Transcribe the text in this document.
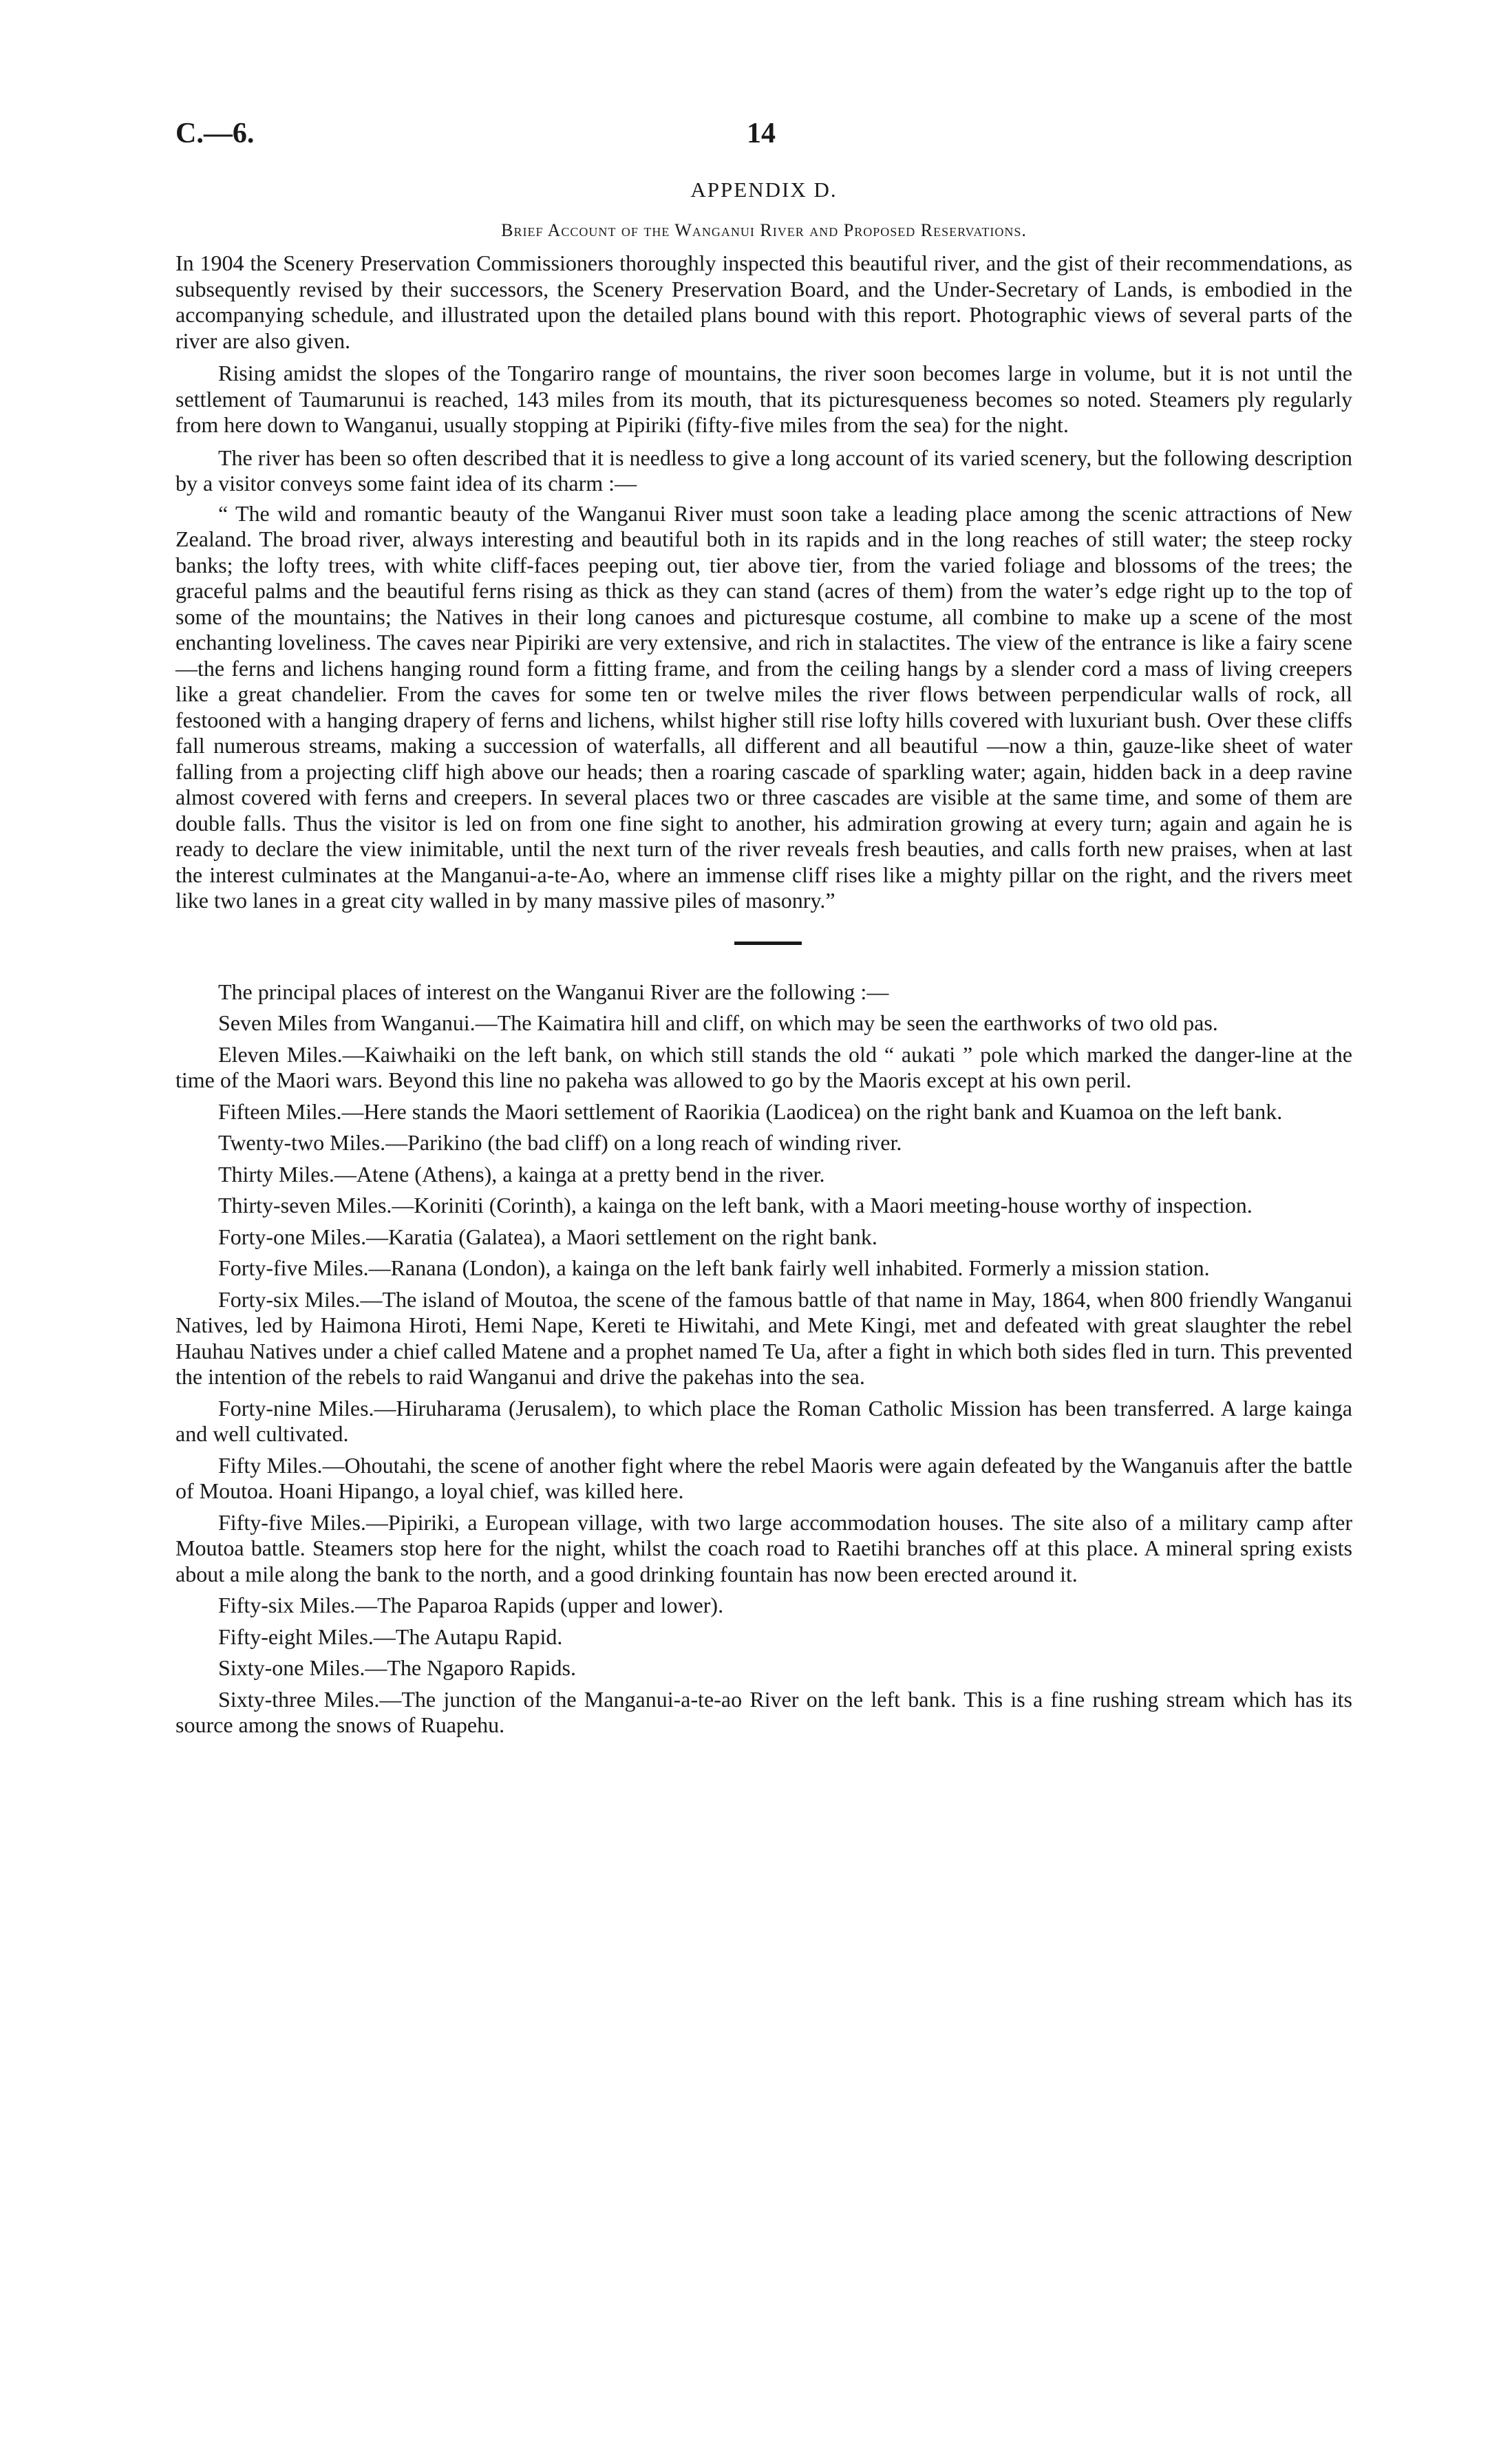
C.—6.	14
APPENDIX D.
Brief Account of the Wanganui River and Proposed Reservations.

In 1904 the Scenery Preservation Commissioners thoroughly inspected this beautiful river, and the gist of their recommendations, as subsequently revised by their successors, the Scenery Preservation Board, and the Under-Secretary of Lands, is embodied in the accompanying schedule, and illustrated upon the detailed plans bound with this report. Photographic views of several parts of the river are also given.

Rising amidst the slopes of the Tongariro range of mountains, the river soon becomes large in volume, but it is not until the settlement of Taumarunui is reached, 143 miles from its mouth, that its picturesqueness becomes so noted. Steamers ply regularly from here down to Wanganui, usually stopping at Pipiriki (fifty-five miles from the sea) for the night.

The river has been so often described that it is needless to give a long account of its varied scenery, but the following description by a visitor conveys some faint idea of its charm :—

“ The wild and romantic beauty of the Wanganui River must soon take a leading place among the scenic attractions of New Zealand. The broad river, always interesting and beautiful both in its rapids and in the long reaches of still water; the steep rocky banks; the lofty trees, with white cliff-faces peeping out, tier above tier, from the varied foliage and blossoms of the trees; the graceful palms and the beautiful ferns rising as thick as they can stand (acres of them) from the water’s edge right up to the top of some of the mountains; the Natives in their long canoes and picturesque costume, all combine to make up a scene of the most enchanting loveliness. The caves near Pipiriki are very extensive, and rich in stalactites. The view of the entrance is like a fairy scene—the ferns and lichens hanging round form a fitting frame, and from the ceiling hangs by a slender cord a mass of living creepers like a great chandelier. From the caves for some ten or twelve miles the river flows between perpendicular walls of rock, all festooned with a hanging drapery of ferns and lichens, whilst higher still rise lofty hills covered with luxuriant bush. Over these cliffs fall numerous streams, making a succession of waterfalls, all different and all beautiful —now a thin, gauze-like sheet of water falling from a projecting cliff high above our heads; then a roaring cascade of sparkling water; again, hidden back in a deep ravine almost covered with ferns and creepers. In several places two or three cascades are visible at the same time, and some of them are double falls. Thus the visitor is led on from one fine sight to another, his admiration growing at every turn; again and again he is ready to declare the view inimitable, until the next turn of the river reveals fresh beauties, and calls forth new praises, when at last the interest culminates at the Manganui-a-te-Ao, where an immense cliff rises like a mighty pillar on the right, and the rivers meet like two lanes in a great city walled in by many massive piles of masonry.”

The principal places of interest on the Wanganui River are the following :—

Seven Miles from Wanganui.—The Kaimatira hill and cliff, on which may be seen the earthworks of two old pas.

Eleven Miles.—Kaiwhaiki on the left bank, on which still stands the old “ aukati ” pole which marked the danger-line at the time of the Maori wars. Beyond this line no pakeha was allowed to go by the Maoris except at his own peril.

Fifteen Miles.—Here stands the Maori settlement of Raorikia (Laodicea) on the right bank and Kuamoa on the left bank.

Twenty-two Miles.—Parikino (the bad cliff) on a long reach of winding river.

Thirty Miles.—Atene (Athens), a kainga at a pretty bend in the river.

Thirty-seven Miles.—Koriniti (Corinth), a kainga on the left bank, with a Maori meeting-house worthy of inspection.

Forty-one Miles.—Karatia (Galatea), a Maori settlement on the right bank.

Forty-five Miles.—Ranana (London), a kainga on the left bank fairly well inhabited. Formerly a mission station.

Forty-six Miles.—The island of Moutoa, the scene of the famous battle of that name in May, 1864, when 800 friendly Wanganui Natives, led by Haimona Hiroti, Hemi Nape, Kereti te Hiwitahi, and Mete Kingi, met and defeated with great slaughter the rebel Hauhau Natives under a chief called Matene and a prophet named Te Ua, after a fight in which both sides fled in turn. This prevented the intention of the rebels to raid Wanganui and drive the pakehas into the sea.

Forty-nine Miles.—Hiruharama (Jerusalem), to which place the Roman Catholic Mission has been transferred. A large kainga and well cultivated.

Fifty Miles.—Ohoutahi, the scene of another fight where the rebel Maoris were again defeated by the Wanganuis after the battle of Moutoa. Hoani Hipango, a loyal chief, was killed here.

Fifty-five Miles.—Pipiriki, a European village, with two large accommodation houses. The site also of a military camp after Moutoa battle. Steamers stop here for the night, whilst the coach road to Raetihi branches off at this place. A mineral spring exists about a mile along the bank to the north, and a good drinking fountain has now been erected around it.

Fifty-six Miles.—The Paparoa Rapids (upper and lower).

Fifty-eight Miles.—The Autapu Rapid.

Sixty-one Miles.—The Ngaporo Rapids.

Sixty-three Miles.—The junction of the Manganui-a-te-ao River on the left bank. This is a fine rushing stream which has its source among the snows of Ruapehu.
